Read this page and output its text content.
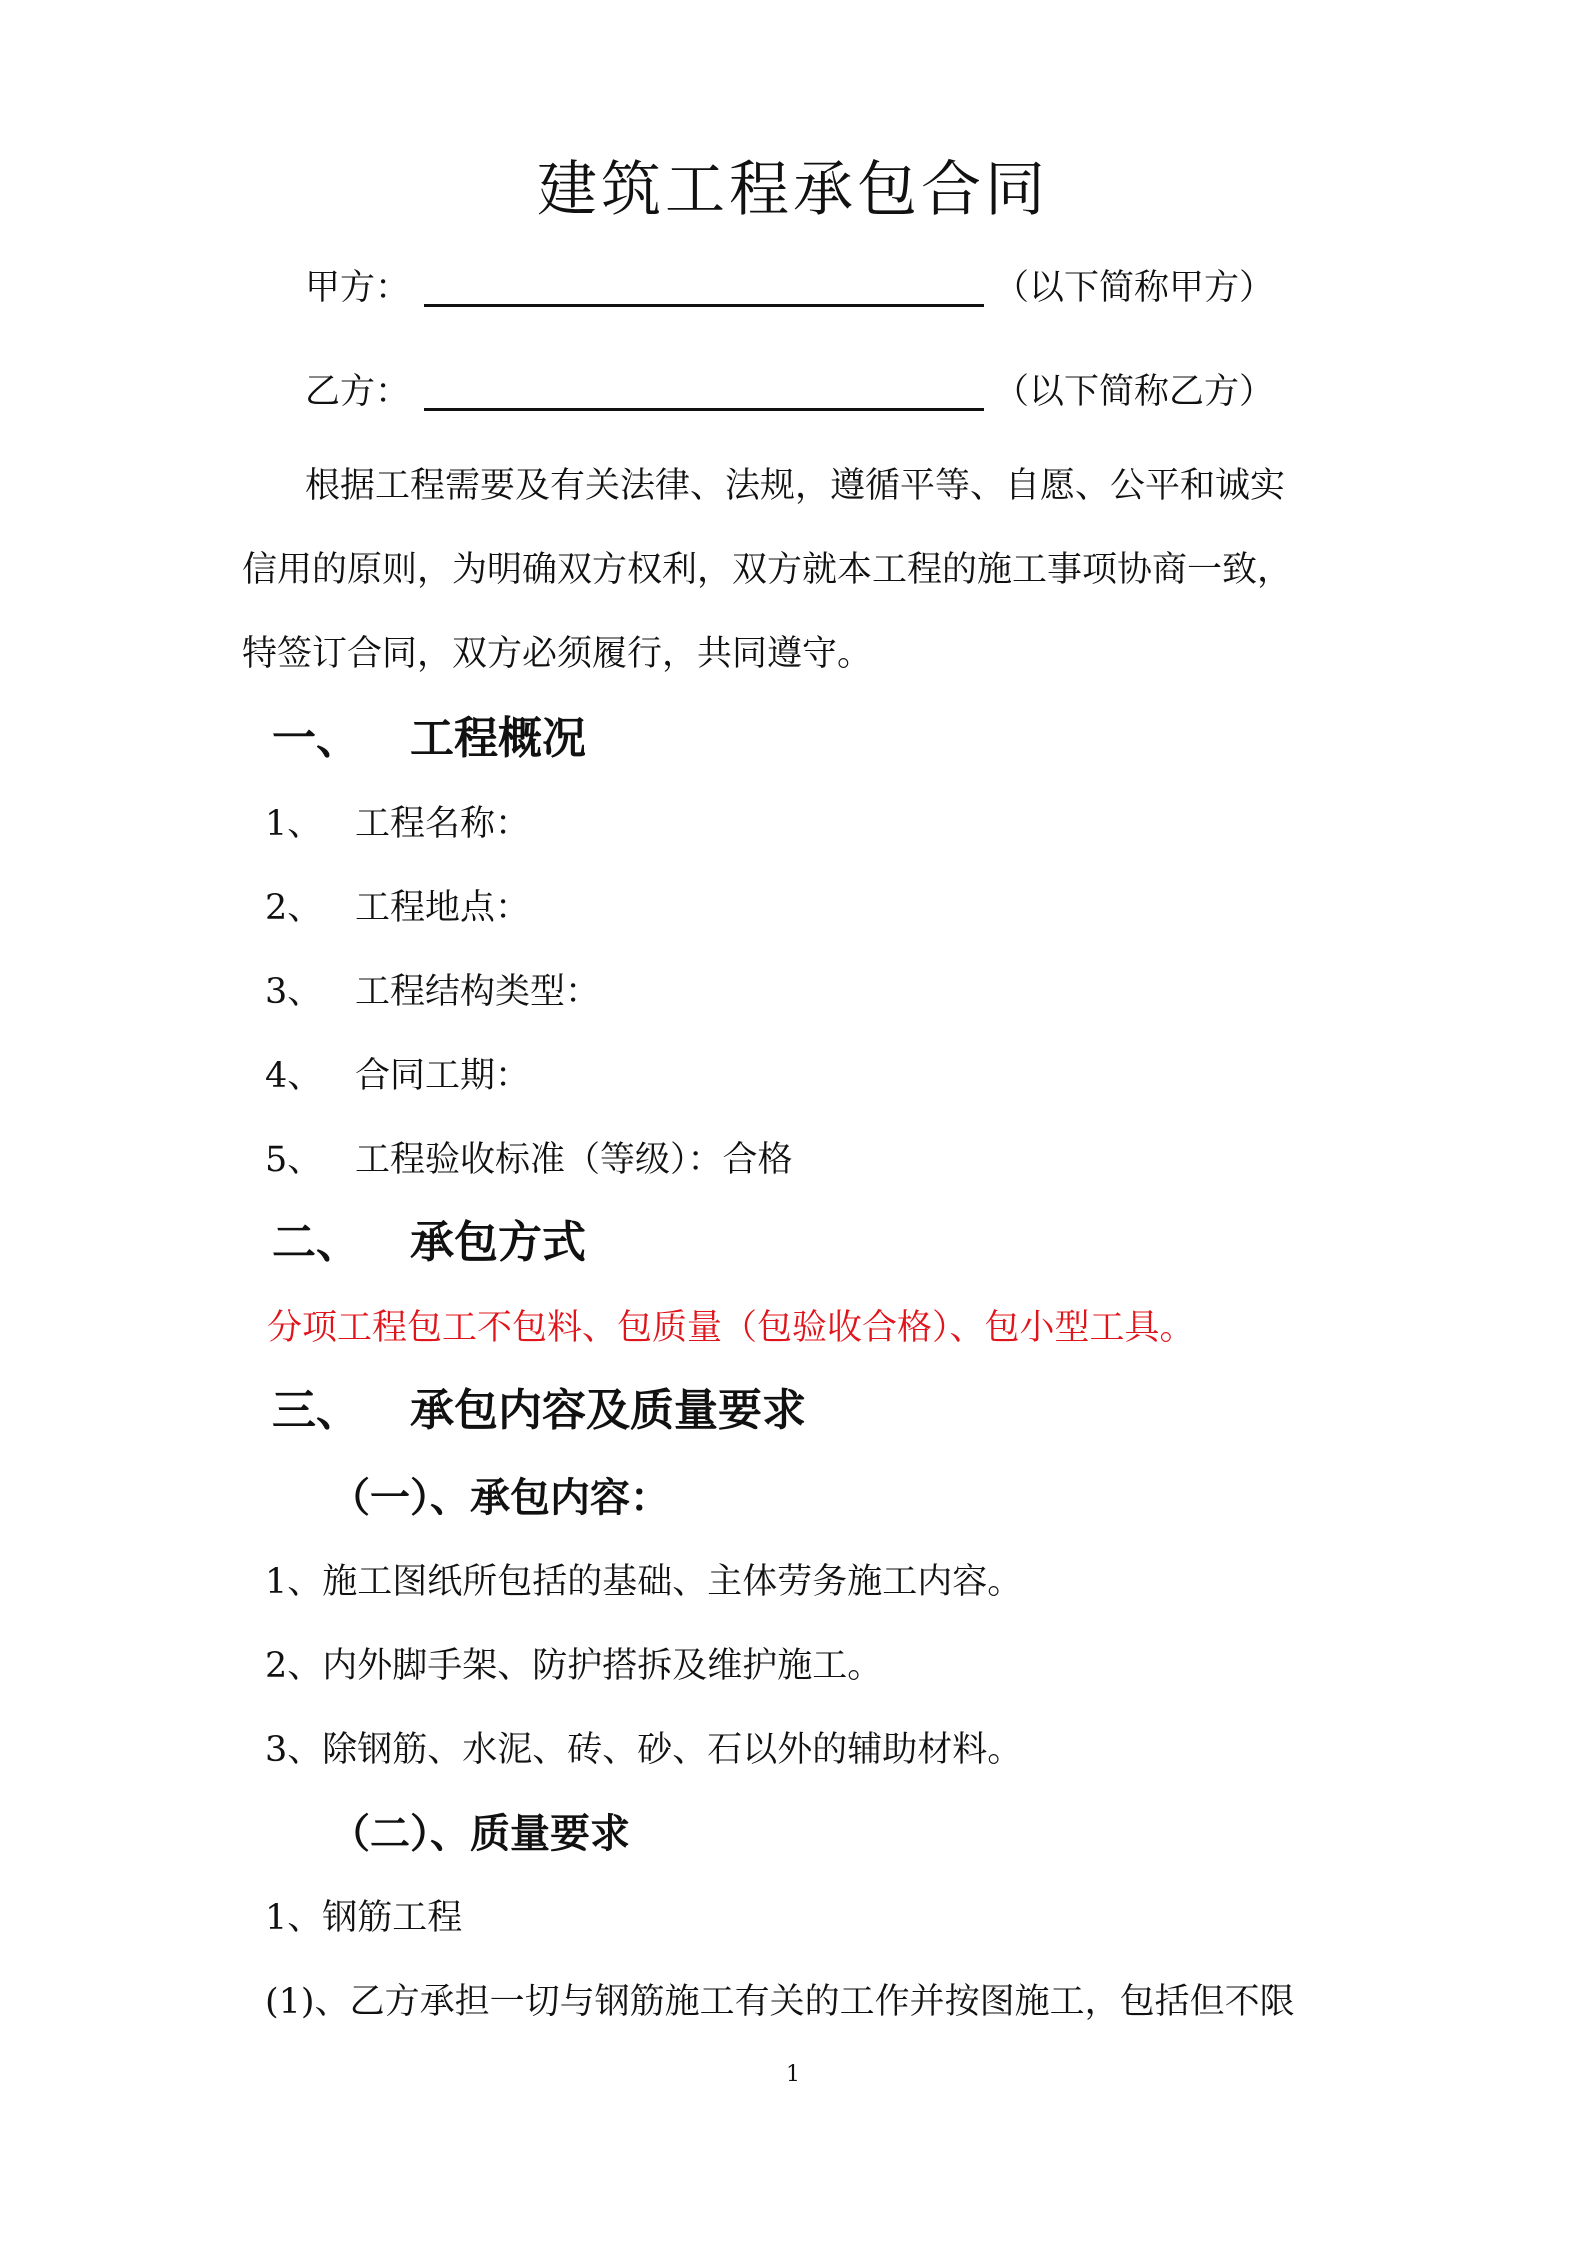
建筑工程承包合同
甲方：	（以下简称甲方）
乙方：	（以下简称乙方）
根据工程需要及有关法律、法规，遵循平等、自愿、公平和诚实
信用的原则，为明确双方权利，双方就本工程的施工事项协商一致，
特签订合同，双方必须履行，共同遵守。
一、 工程概况
1、 工程名称：
2、 工程地点：
3、 工程结构类型：
4、 合同工期：
5、 工程验收标准（等级）：合格
二、 承包方式
分项工程包工不包料、包质量（包验收合格）、包小型工具。
三、 承包内容及质量要求
（一）、承包内容：
1、施工图纸所包括的基础、主体劳务施工内容。
2、内外脚手架、防护搭拆及维护施工。
3、除钢筋、水泥、砖、砂、石以外的辅助材料。
（二）、质量要求
1、钢筋工程
(1)、乙方承担一切与钢筋施工有关的工作并按图施工，包括但不限
1
